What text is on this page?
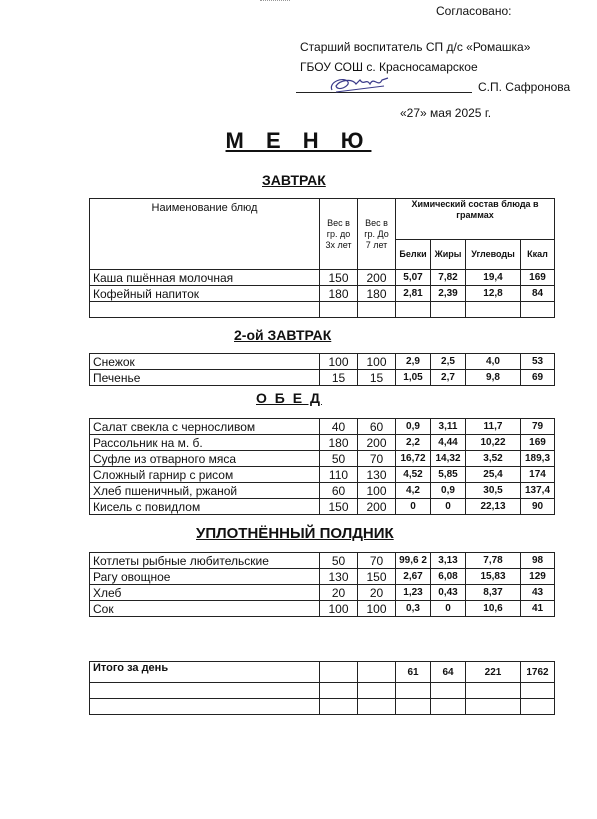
Согласовано:
Старший воспитатель СП д/с «Ромашка»
ГБОУ СОШ с. Красносамарское
С.П. Сафронова
«27» мая 2025 г.
М Е Н Ю
ЗАВТРАК
Наименование блюд	Вес в гр. до 3х лет	Вес в гр. До 7 лет	Химический состав блюда в граммах			
			Белки	Жиры	Углеводы	Ккал
Каша пшённая молочная	150	200	5,07	7,82	19,4	169
Кофейный напиток	180	180	2,81	2,39	12,8	84

2-ой ЗАВТРАК
Снежок	100	100	2,9	2,5	4,0	53
Печенье	15	15	1,05	2,7	9,8	69
О Б Е Д
Салат свекла с черносливом	40	60	0,9	3,11	11,7	79
Рассольник на м. б.	180	200	2,2	4,44	10,22	169
Суфле из отварного мяса	50	70	16,72	14,32	3,52	189,3
Сложный гарнир с рисом	110	130	4,52	5,85	25,4	174
Хлеб пшеничный, ржаной	60	100	4,2	0,9	30,5	137,4
Кисель с повидлом	150	200	0	0	22,13	90
УПЛОТНЁННЫЙ ПОЛДНИК
Котлеты рыбные любительские	50	70	99,6 2	3,13	7,78	98
Рагу овощное	130	150	2,67	6,08	15,83	129
Хлеб	20	20	1,23	0,43	8,37	43
Сок	100	100	0,3	0	10,6	41
Итого за день			61	64	221	1762
